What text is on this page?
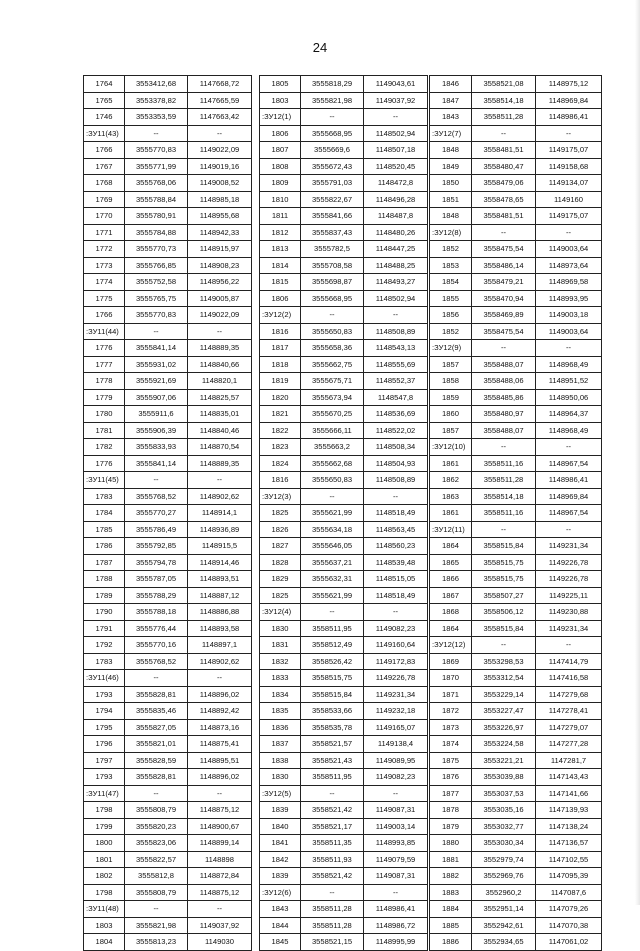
24
1764	3553412,68	1147668,72
1765	3553378,82	1147665,59
1746	3553353,59	1147663,42
:ЗУ11(43)	--	--
1766	3555770,83	1149022,09
1767	3555771,99	1149019,16
1768	3555768,06	1149008,52
1769	3555788,84	1148985,18
1770	3555780,91	1148955,68
1771	3555784,88	1148942,33
1772	3555770,73	1148915,97
1773	3555766,85	1148908,23
1774	3555752,58	1148956,22
1775	3555765,75	1149005,87
1766	3555770,83	1149022,09
:ЗУ11(44)	--	--
1776	3555841,14	1148889,35
1777	3555931,02	1148840,66
1778	3555921,69	1148820,1
1779	3555907,06	1148825,57
1780	3555911,6	1148835,01
1781	3555906,39	1148840,46
1782	3555833,93	1148870,54
1776	3555841,14	1148889,35
:ЗУ11(45)	--	--
1783	3555768,52	1148902,62
1784	3555770,27	1148914,1
1785	3555786,49	1148936,89
1786	3555792,85	1148915,5
1787	3555794,78	1148914,46
1788	3555787,05	1148893,51
1789	3555788,29	1148887,12
1790	3555788,18	1148886,88
1791	3555776,44	1148893,58
1792	3555770,16	1148897,1
1783	3555768,52	1148902,62
:ЗУ11(46)	--	--
1793	3555828,81	1148896,02
1794	3555835,46	1148892,42
1795	3555827,05	1148873,16
1796	3555821,01	1148875,41
1797	3555828,59	1148895,51
1793	3555828,81	1148896,02
:ЗУ11(47)	--	--
1798	3555808,79	1148875,12
1799	3555820,23	1148900,67
1800	3555823,06	1148899,14
1801	3555822,57	1148898
1802	3555812,8	1148872,84
1798	3555808,79	1148875,12
:ЗУ11(48)	--	--
1803	3555821,98	1149037,92
1804	3555813,23	1149030
1805	3555818,29	1149043,61
1803	3555821,98	1149037,92
:ЗУ12(1)	--	--
1806	3555668,95	1148502,94
1807	3555669,6	1148507,18
1808	3555672,43	1148520,45
1809	3555791,03	1148472,8
1810	3555822,67	1148496,28
1811	3555841,66	1148487,8
1812	3555837,43	1148480,26
1813	3555782,5	1148447,25
1814	3555708,58	1148488,25
1815	3555698,87	1148493,27
1806	3555668,95	1148502,94
:ЗУ12(2)	--	--
1816	3555650,83	1148508,89
1817	3555658,36	1148543,13
1818	3555662,75	1148555,69
1819	3555675,71	1148552,37
1820	3555673,94	1148547,8
1821	3555670,25	1148536,69
1822	3555666,11	1148522,02
1823	3555663,2	1148508,34
1824	3555662,68	1148504,93
1816	3555650,83	1148508,89
:ЗУ12(3)	--	--
1825	3555621,99	1148518,49
1826	3555634,18	1148563,45
1827	3555646,05	1148560,23
1828	3555637,21	1148539,48
1829	3555632,31	1148515,05
1825	3555621,99	1148518,49
:ЗУ12(4)	--	--
1830	3558511,95	1149082,23
1831	3558512,49	1149160,64
1832	3558526,42	1149172,83
1833	3558515,75	1149226,78
1834	3558515,84	1149231,34
1835	3558533,66	1149232,18
1836	3558535,78	1149165,07
1837	3558521,57	1149138,4
1838	3558521,43	1149089,95
1830	3558511,95	1149082,23
:ЗУ12(5)	--	--
1839	3558521,42	1149087,31
1840	3558521,17	1149003,14
1841	3558511,35	1148993,85
1842	3558511,93	1149079,59
1839	3558521,42	1149087,31
:ЗУ12(6)	--	--
1843	3558511,28	1148986,41
1844	3558511,28	1148986,72
1845	3558521,15	1148995,99
1846	3558521,08	1148975,12
1847	3558514,18	1148969,84
1843	3558511,28	1148986,41
:ЗУ12(7)	--	--
1848	3558481,51	1149175,07
1849	3558480,47	1149158,68
1850	3558479,06	1149134,07
1851	3558478,65	1149160
1848	3558481,51	1149175,07
:ЗУ12(8)	--	--
1852	3558475,54	1149003,64
1853	3558486,14	1148973,64
1854	3558479,21	1148969,58
1855	3558470,94	1148993,95
1856	3558469,89	1149003,18
1852	3558475,54	1149003,64
:ЗУ12(9)	--	--
1857	3558488,07	1148968,49
1858	3558488,06	1148951,52
1859	3558485,86	1148950,06
1860	3558480,97	1148964,37
1857	3558488,07	1148968,49
:ЗУ12(10)	--	--
1861	3558511,16	1148967,54
1862	3558511,28	1148986,41
1863	3558514,18	1148969,84
1861	3558511,16	1148967,54
:ЗУ12(11)	--	--
1864	3558515,84	1149231,34
1865	3558515,75	1149226,78
1866	3558515,75	1149226,78
1867	3558507,27	1149225,11
1868	3558506,12	1149230,88
1864	3558515,84	1149231,34
:ЗУ12(12)	--	--
1869	3553298,53	1147414,79
1870	3553312,54	1147416,58
1871	3553229,14	1147279,68
1872	3553227,47	1147278,41
1873	3553226,97	1147279,07
1874	3553224,58	1147277,28
1875	3553221,21	1147281,7
1876	3553039,88	1147143,43
1877	3553037,53	1147141,66
1878	3553035,16	1147139,93
1879	3553032,77	1147138,24
1880	3553030,34	1147136,57
1881	3552979,74	1147102,55
1882	3552969,76	1147095,39
1883	3552960,2	1147087,6
1884	3552951,14	1147079,26
1885	3552942,61	1147070,38
1886	3552934,65	1147061,02
